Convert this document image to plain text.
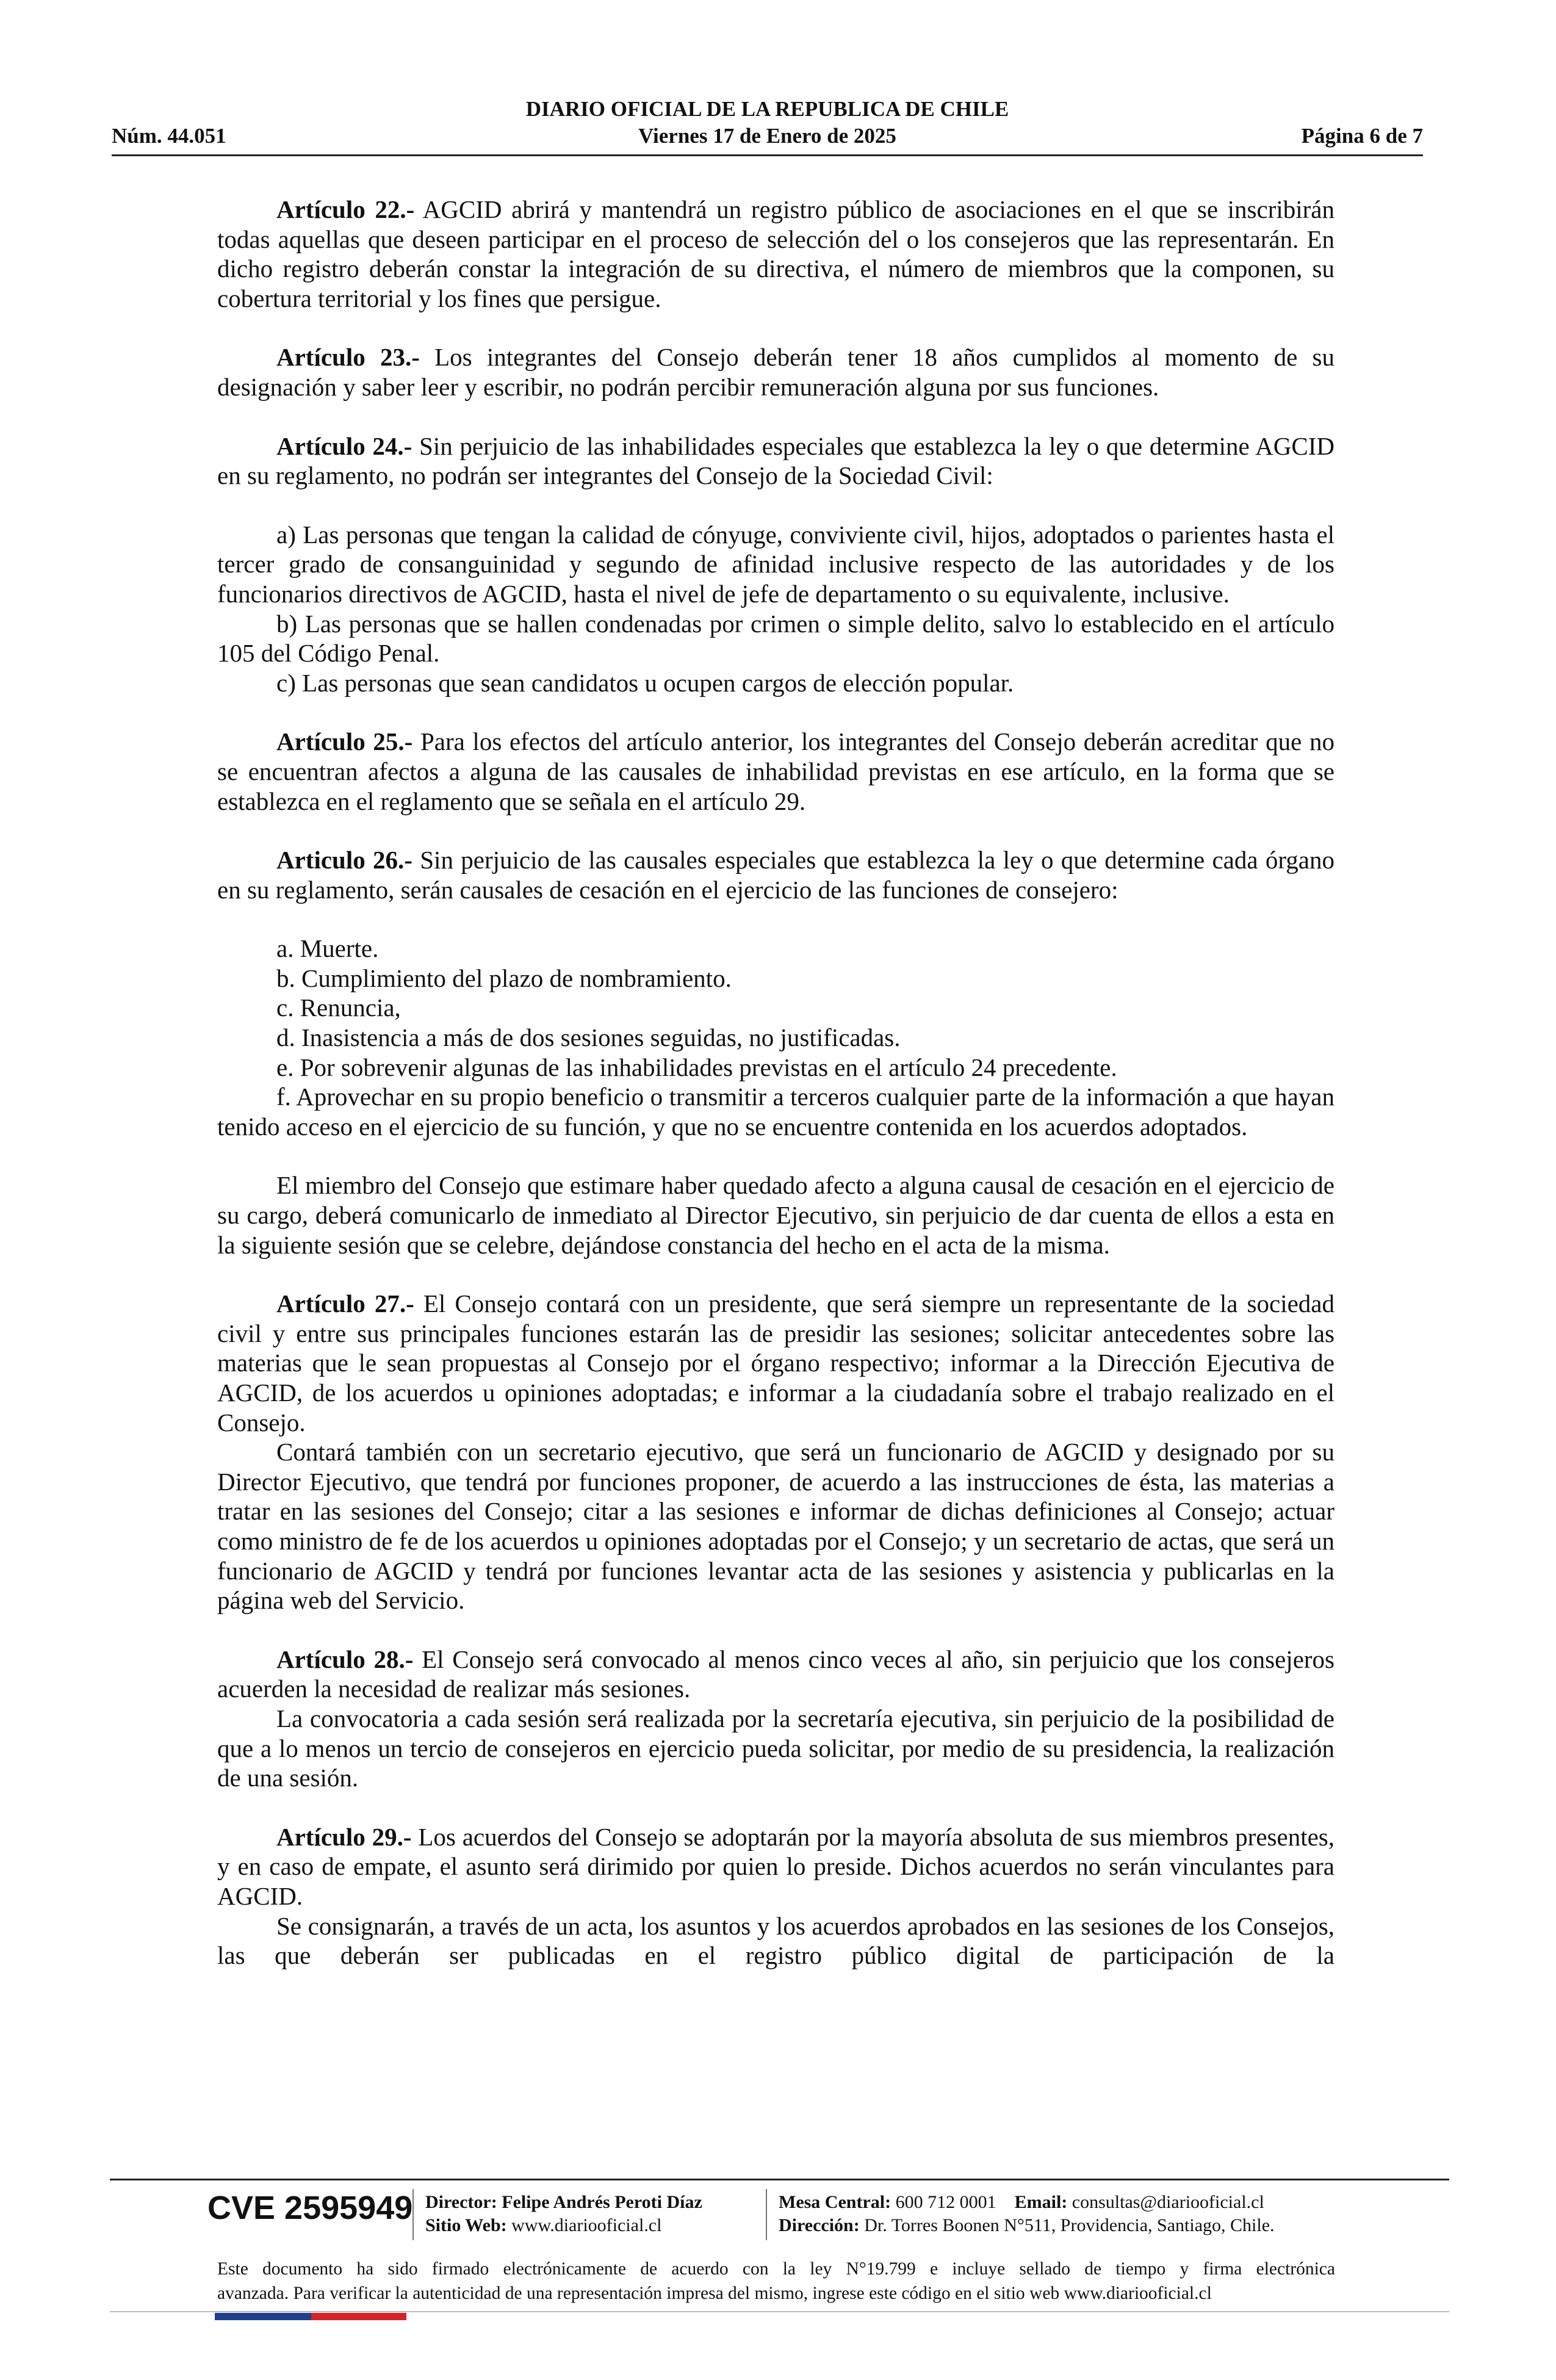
DIARIO OFICIAL DE LA REPUBLICA DE CHILE
Viernes 17 de Enero de 2025
Núm. 44.051	Página 6 de 7

Artículo 22.- AGCID abrirá y mantendrá un registro público de asociaciones en el que se inscribirán todas aquellas que deseen participar en el proceso de selección del o los consejeros que las representarán. En dicho registro deberán constar la integración de su directiva, el número de miembros que la componen, su cobertura territorial y los fines que persigue.

Artículo 23.- Los integrantes del Consejo deberán tener 18 años cumplidos al momento de su designación y saber leer y escribir, no podrán percibir remuneración alguna por sus funciones.

Artículo 24.- Sin perjuicio de las inhabilidades especiales que establezca la ley o que determine AGCID en su reglamento, no podrán ser integrantes del Consejo de la Sociedad Civil:

a) Las personas que tengan la calidad de cónyuge, conviviente civil, hijos, adoptados o parientes hasta el tercer grado de consanguinidad y segundo de afinidad inclusive respecto de las autoridades y de los funcionarios directivos de AGCID, hasta el nivel de jefe de departamento o su equivalente, inclusive.

b) Las personas que se hallen condenadas por crimen o simple delito, salvo lo establecido en el artículo 105 del Código Penal.

c) Las personas que sean candidatos u ocupen cargos de elección popular.

Artículo 25.- Para los efectos del artículo anterior, los integrantes del Consejo deberán acreditar que no se encuentran afectos a alguna de las causales de inhabilidad previstas en ese artículo, en la forma que se establezca en el reglamento que se señala en el artículo 29.

Articulo 26.- Sin perjuicio de las causales especiales que establezca la ley o que determine cada órgano en su reglamento, serán causales de cesación en el ejercicio de las funciones de consejero:

a. Muerte.

b. Cumplimiento del plazo de nombramiento.

c. Renuncia,

d. Inasistencia a más de dos sesiones seguidas, no justificadas.

e. Por sobrevenir algunas de las inhabilidades previstas en el artículo 24 precedente.

f. Aprovechar en su propio beneficio o transmitir a terceros cualquier parte de la información a que hayan tenido acceso en el ejercicio de su función, y que no se encuentre contenida en los acuerdos adoptados.

El miembro del Consejo que estimare haber quedado afecto a alguna causal de cesación en el ejercicio de su cargo, deberá comunicarlo de inmediato al Director Ejecutivo, sin perjuicio de dar cuenta de ellos a esta en la siguiente sesión que se celebre, dejándose constancia del hecho en el acta de la misma.

Artículo 27.- El Consejo contará con un presidente, que será siempre un representante de la sociedad civil y entre sus principales funciones estarán las de presidir las sesiones; solicitar antecedentes sobre las materias que le sean propuestas al Consejo por el órgano respectivo; informar a la Dirección Ejecutiva de AGCID, de los acuerdos u opiniones adoptadas; e informar a la ciudadanía sobre el trabajo realizado en el Consejo.

Contará también con un secretario ejecutivo, que será un funcionario de AGCID y designado por su Director Ejecutivo, que tendrá por funciones proponer, de acuerdo a las instrucciones de ésta, las materias a tratar en las sesiones del Consejo; citar a las sesiones e informar de dichas definiciones al Consejo; actuar como ministro de fe de los acuerdos u opiniones adoptadas por el Consejo; y un secretario de actas, que será un funcionario de AGCID y tendrá por funciones levantar acta de las sesiones y asistencia y publicarlas en la página web del Servicio.

Artículo 28.- El Consejo será convocado al menos cinco veces al año, sin perjuicio que los consejeros acuerden la necesidad de realizar más sesiones.

La convocatoria a cada sesión será realizada por la secretaría ejecutiva, sin perjuicio de la posibilidad de que a lo menos un tercio de consejeros en ejercicio pueda solicitar, por medio de su presidencia, la realización de una sesión.

Artículo 29.- Los acuerdos del Consejo se adoptarán por la mayoría absoluta de sus miembros presentes, y en caso de empate, el asunto será dirimido por quien lo preside. Dichos acuerdos no serán vinculantes para AGCID.

Se consignarán, a través de un acta, los asuntos y los acuerdos aprobados en las sesiones de los Consejos, las que deberán ser publicadas en el registro público digital de participación de la

CVE 2595949 Director: Felipe Andrés Peroti Díaz
Sitio Web: www.diariooficial.cl
Mesa Central: 600 712 0001 Email: consultas@diariooficial.cl
Dirección: Dr. Torres Boonen N°511, Providencia, Santiago, Chile.

Este documento ha sido firmado electrónicamente de acuerdo con la ley N°19.799 e incluye sellado de tiempo y firma electrónica

avanzada. Para verificar la autenticidad de una representación impresa del mismo, ingrese este código en el sitio web www.diariooficial.cl
